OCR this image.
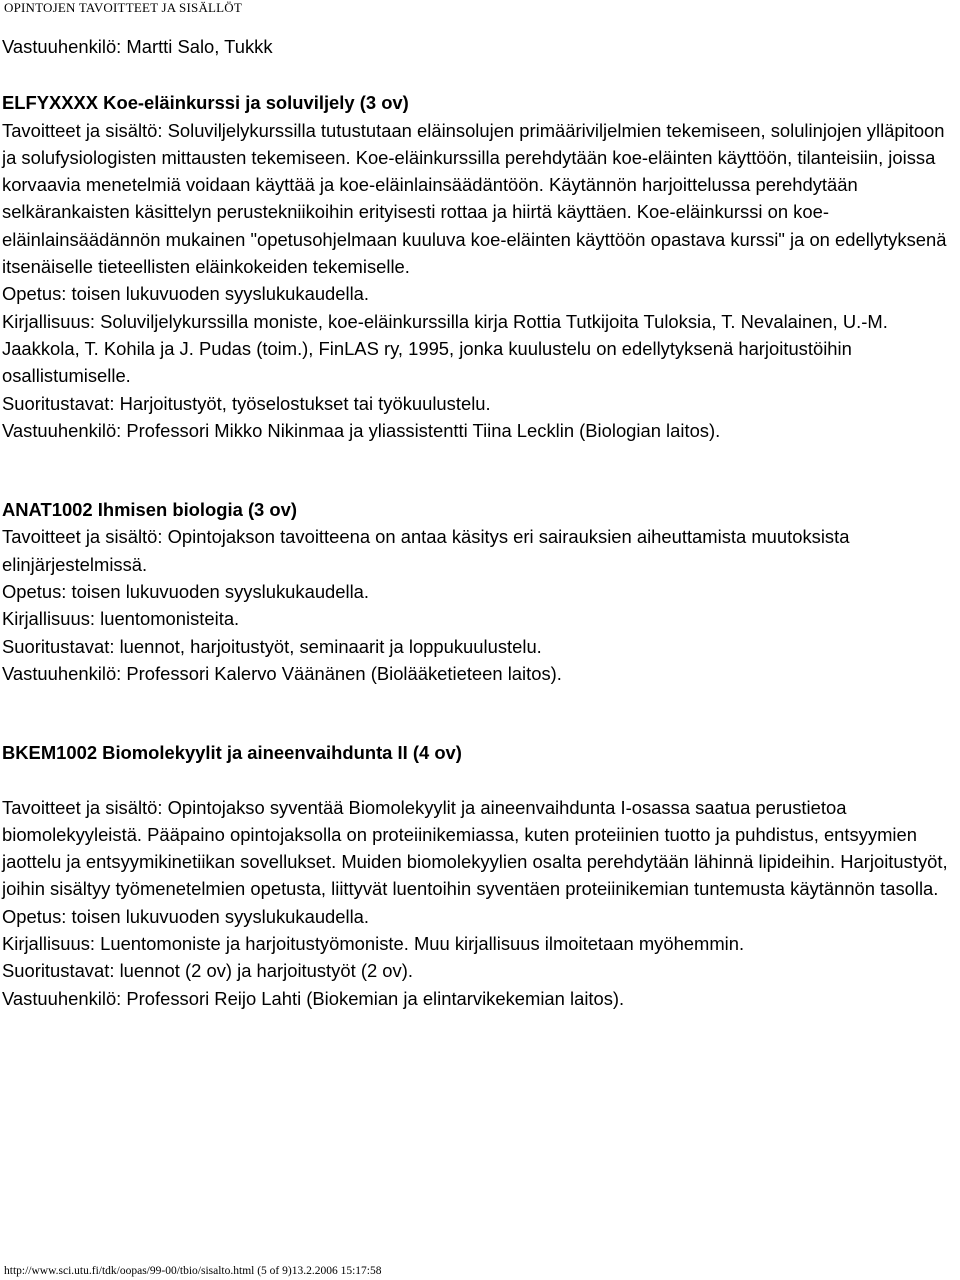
OPINTOJEN TAVOITTEET JA SISÄLLÖT

Vastuuhenkilö: Martti Salo, Tukkk

ELFYXXXX Koe-eläinkurssi ja soluviljely (3 ov)

Tavoitteet ja sisältö: Soluviljelykurssilla tutustutaan eläinsolujen primääriviljelmien tekemiseen, solulinjojen ylläpitoon ja solufysiologisten mittausten tekemiseen. Koe-eläinkurssilla perehdytään koe-eläinten käyttöön, tilanteisiin, joissa korvaavia menetelmiä voidaan käyttää ja koe-eläinlainsäädäntöön. Käytännön harjoittelussa perehdytään selkärankaisten käsittelyn perustekniikoihin erityisesti rottaa ja hiirtä käyttäen. Koe-eläinkurssi on koe-eläinlainsäädännön mukainen "opetusohjelmaan kuuluva koe-eläinten käyttöön opastava kurssi" ja on edellytyksenä itsenäiselle tieteellisten eläinkokeiden tekemiselle.

Opetus: toisen lukuvuoden syyslukukaudella.

Kirjallisuus: Soluviljelykurssilla moniste, koe-eläinkurssilla kirja Rottia Tutkijoita Tuloksia, T. Nevalainen, U.-M. Jaakkola, T. Kohila ja J. Pudas (toim.), FinLAS ry, 1995, jonka kuulustelu on edellytyksenä harjoitustöihin osallistumiselle.

Suoritustavat: Harjoitustyöt, työselostukset tai työkuulustelu.

Vastuuhenkilö: Professori Mikko Nikinmaa ja yliassistentti Tiina Lecklin (Biologian laitos).

ANAT1002 Ihmisen biologia (3 ov)

Tavoitteet ja sisältö: Opintojakson tavoitteena on antaa käsitys eri sairauksien aiheuttamista muutoksista elinjärjestelmissä.

Opetus: toisen lukuvuoden syyslukukaudella.

Kirjallisuus: luentomonisteita.

Suoritustavat: luennot, harjoitustyöt, seminaarit ja loppukuulustelu.

Vastuuhenkilö: Professori Kalervo Väänänen (Biolääketieteen laitos).

BKEM1002 Biomolekyylit ja aineenvaihdunta II (4 ov)

Tavoitteet ja sisältö: Opintojakso syventää Biomolekyylit ja aineenvaihdunta I-osassa saatua perustietoa biomolekyyleistä. Pääpaino opintojaksolla on proteiinikemiassa, kuten proteiinien tuotto ja puhdistus, entsyymien jaottelu ja entsyymikinetiikan sovellukset. Muiden biomolekyylien osalta perehdytään lähinnä lipideihin. Harjoitustyöt, joihin sisältyy työmenetelmien opetusta, liittyvät luentoihin syventäen proteiinikemian tuntemusta käytännön tasolla.

Opetus: toisen lukuvuoden syyslukukaudella.

Kirjallisuus: Luentomoniste ja harjoitustyömoniste. Muu kirjallisuus ilmoitetaan myöhemmin.

Suoritustavat: luennot (2 ov) ja harjoitustyöt (2 ov).

Vastuuhenkilö: Professori Reijo Lahti (Biokemian ja elintarvikekemian laitos).

http://www.sci.utu.fi/tdk/oopas/99-00/tbio/sisalto.html (5 of 9)13.2.2006 15:17:58
